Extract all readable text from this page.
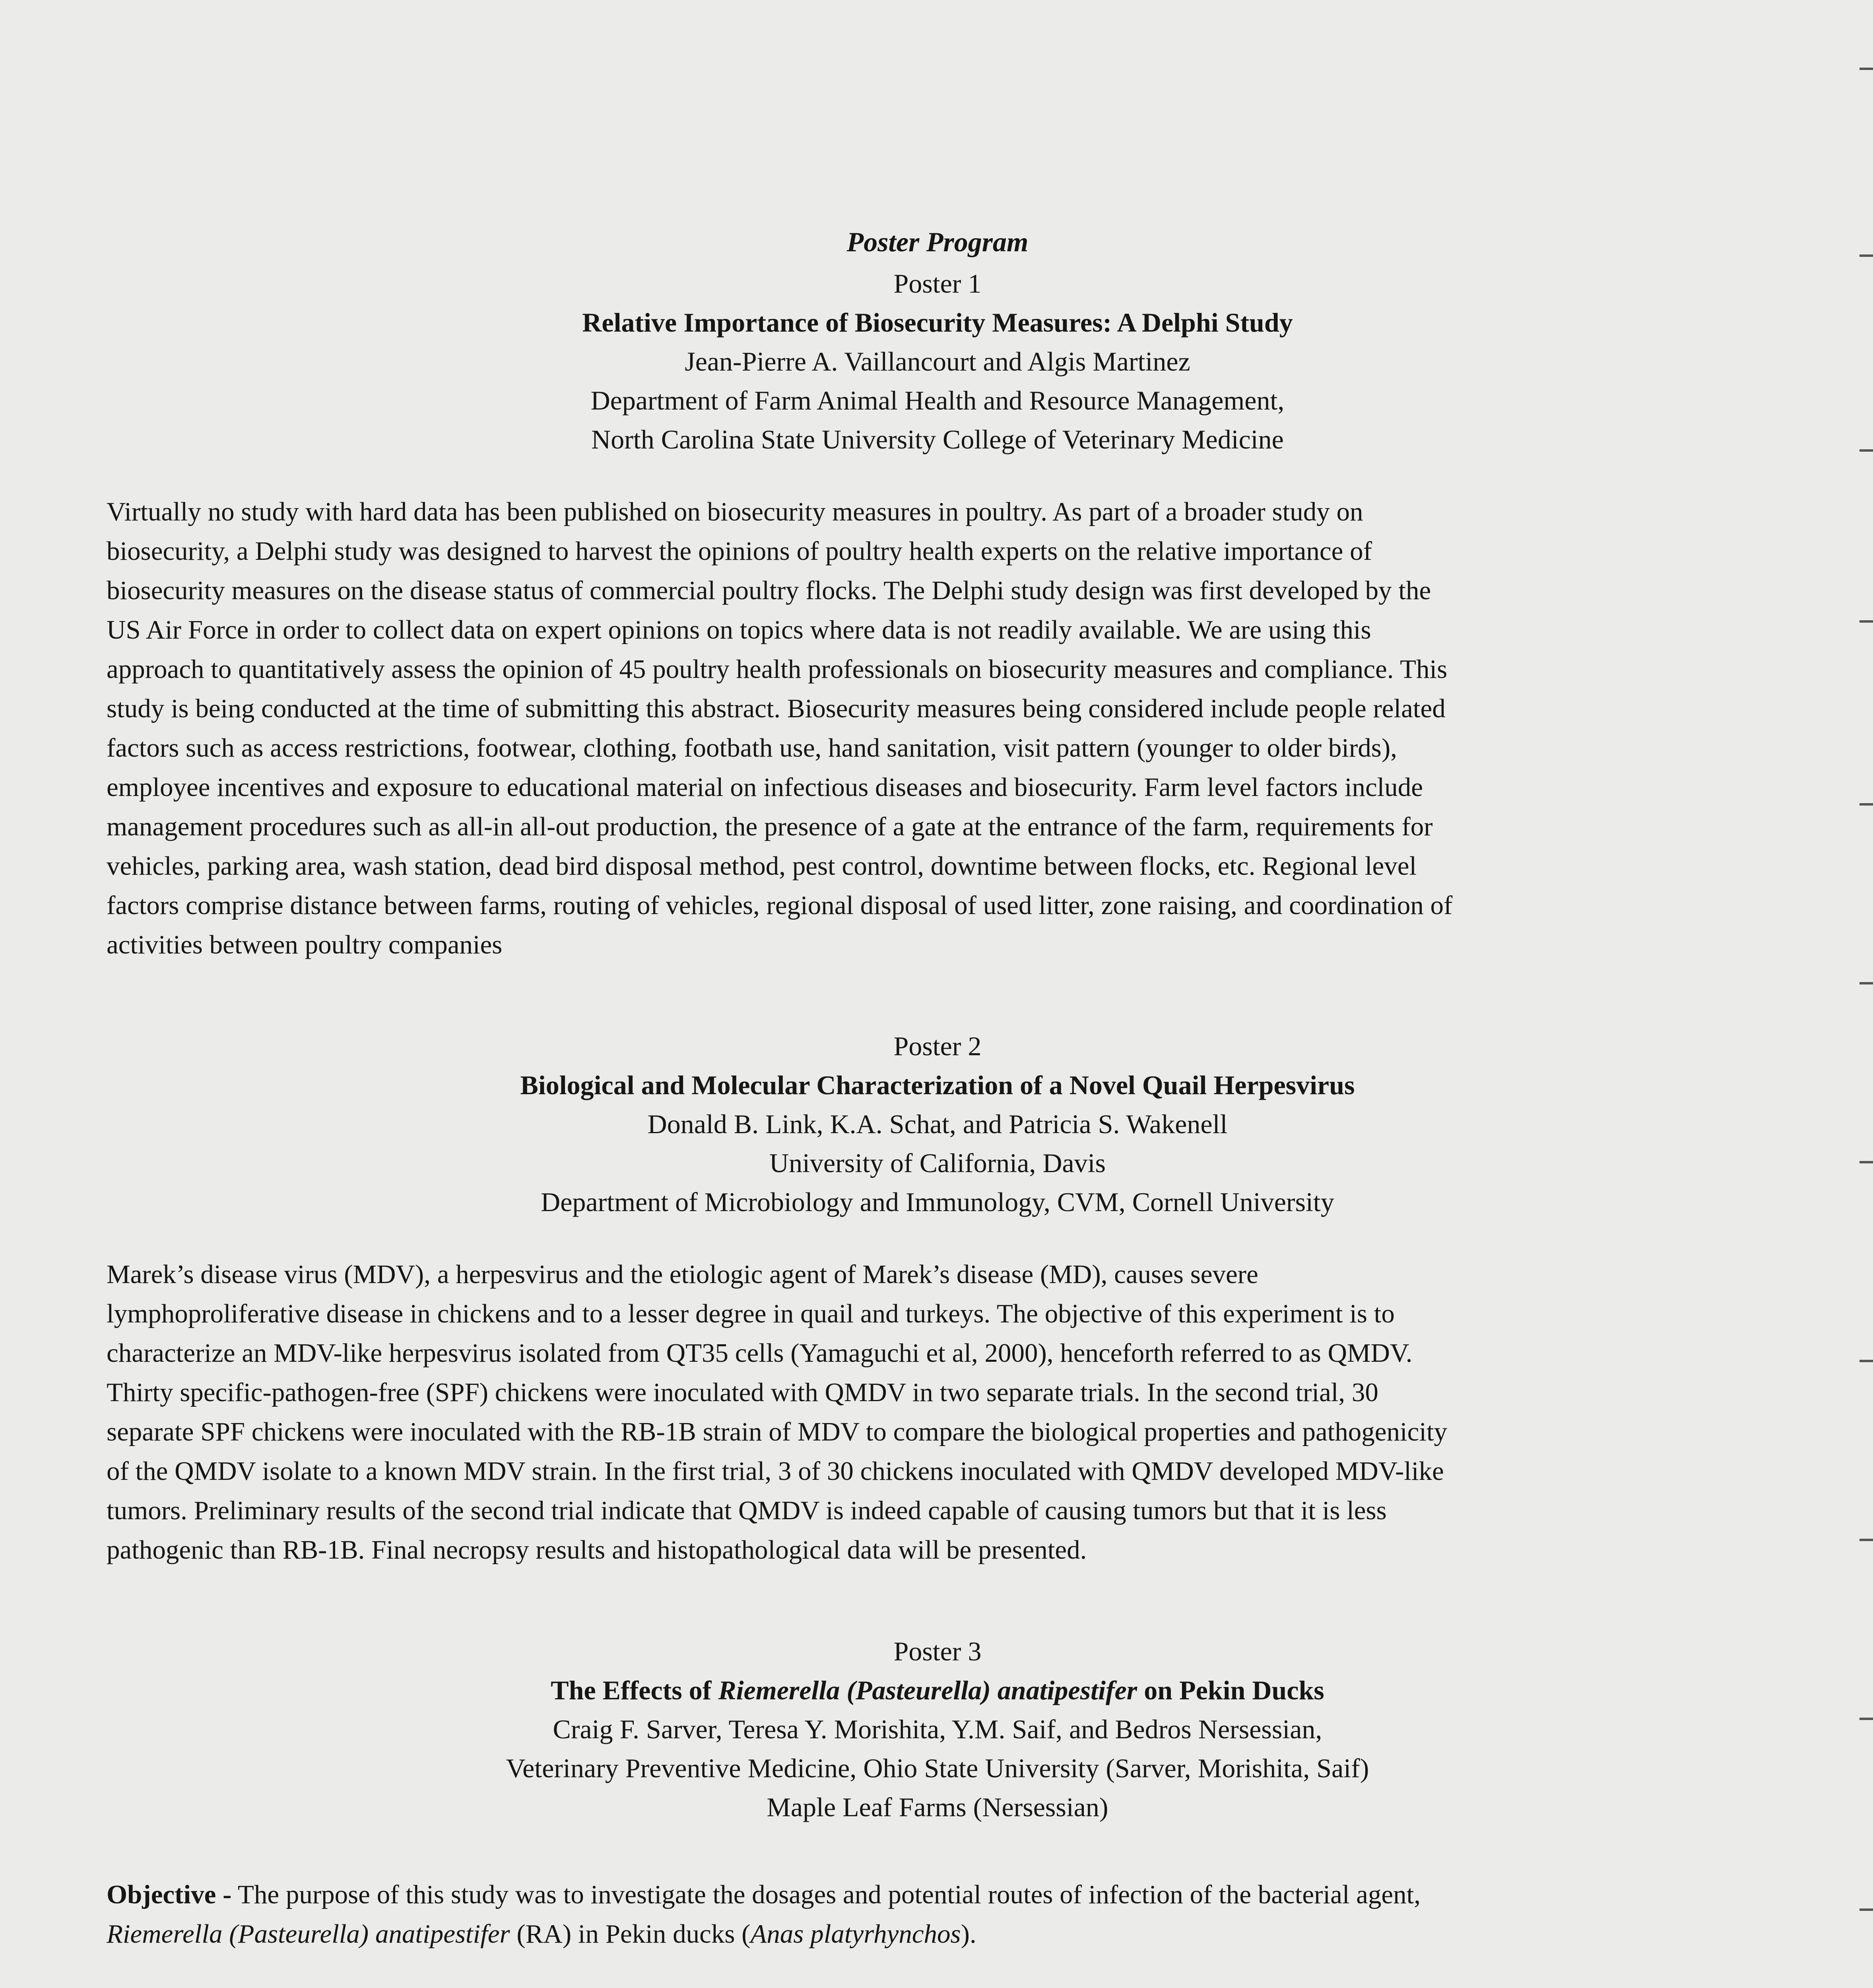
Poster Program
Poster 1
Relative Importance of Biosecurity Measures: A Delphi Study
Jean-Pierre A. Vaillancourt and Algis Martinez
Department of Farm Animal Health and Resource Management,
North Carolina State University College of Veterinary Medicine
Virtually no study with hard data has been published on biosecurity measures in poultry. As part of a broader study on
biosecurity, a Delphi study was designed to harvest the opinions of poultry health experts on the relative importance of
biosecurity measures on the disease status of commercial poultry flocks. The Delphi study design was first developed by the
US Air Force in order to collect data on expert opinions on topics where data is not readily available. We are using this
approach to quantitatively assess the opinion of 45 poultry health professionals on biosecurity measures and compliance. This
study is being conducted at the time of submitting this abstract. Biosecurity measures being considered include people related
factors such as access restrictions, footwear, clothing, footbath use, hand sanitation, visit pattern (younger to older birds),
employee incentives and exposure to educational material on infectious diseases and biosecurity. Farm level factors include
management procedures such as all-in all-out production, the presence of a gate at the entrance of the farm, requirements for
vehicles, parking area, wash station, dead bird disposal method, pest control, downtime between flocks, etc. Regional level
factors comprise distance between farms, routing of vehicles, regional disposal of used litter, zone raising, and coordination of
activities between poultry companies
Poster 2
Biological and Molecular Characterization of a Novel Quail Herpesvirus
Donald B. Link, K.A. Schat, and Patricia S. Wakenell
University of California, Davis
Department of Microbiology and Immunology, CVM, Cornell University
Marek’s disease virus (MDV), a herpesvirus and the etiologic agent of Marek’s disease (MD), causes severe
lymphoproliferative disease in chickens and to a lesser degree in quail and turkeys. The objective of this experiment is to
characterize an MDV-like herpesvirus isolated from QT35 cells (Yamaguchi et al, 2000), henceforth referred to as QMDV.
Thirty specific-pathogen-free (SPF) chickens were inoculated with QMDV in two separate trials. In the second trial, 30
separate SPF chickens were inoculated with the RB-1B strain of MDV to compare the biological properties and pathogenicity
of the QMDV isolate to a known MDV strain. In the first trial, 3 of 30 chickens inoculated with QMDV developed MDV-like
tumors. Preliminary results of the second trial indicate that QMDV is indeed capable of causing tumors but that it is less
pathogenic than RB-1B. Final necropsy results and histopathological data will be presented.
Poster 3
The Effects of Riemerella (Pasteurella) anatipestifer on Pekin Ducks
Craig F. Sarver, Teresa Y. Morishita, Y.M. Saif, and Bedros Nersessian,
Veterinary Preventive Medicine, Ohio State University (Sarver, Morishita, Saif)
Maple Leaf Farms (Nersessian)
Objective - The purpose of this study was to investigate the dosages and potential routes of infection of the bacterial agent,
Riemerella (Pasteurella) anatipestifer (RA) in Pekin ducks (Anas platyrhynchos).
